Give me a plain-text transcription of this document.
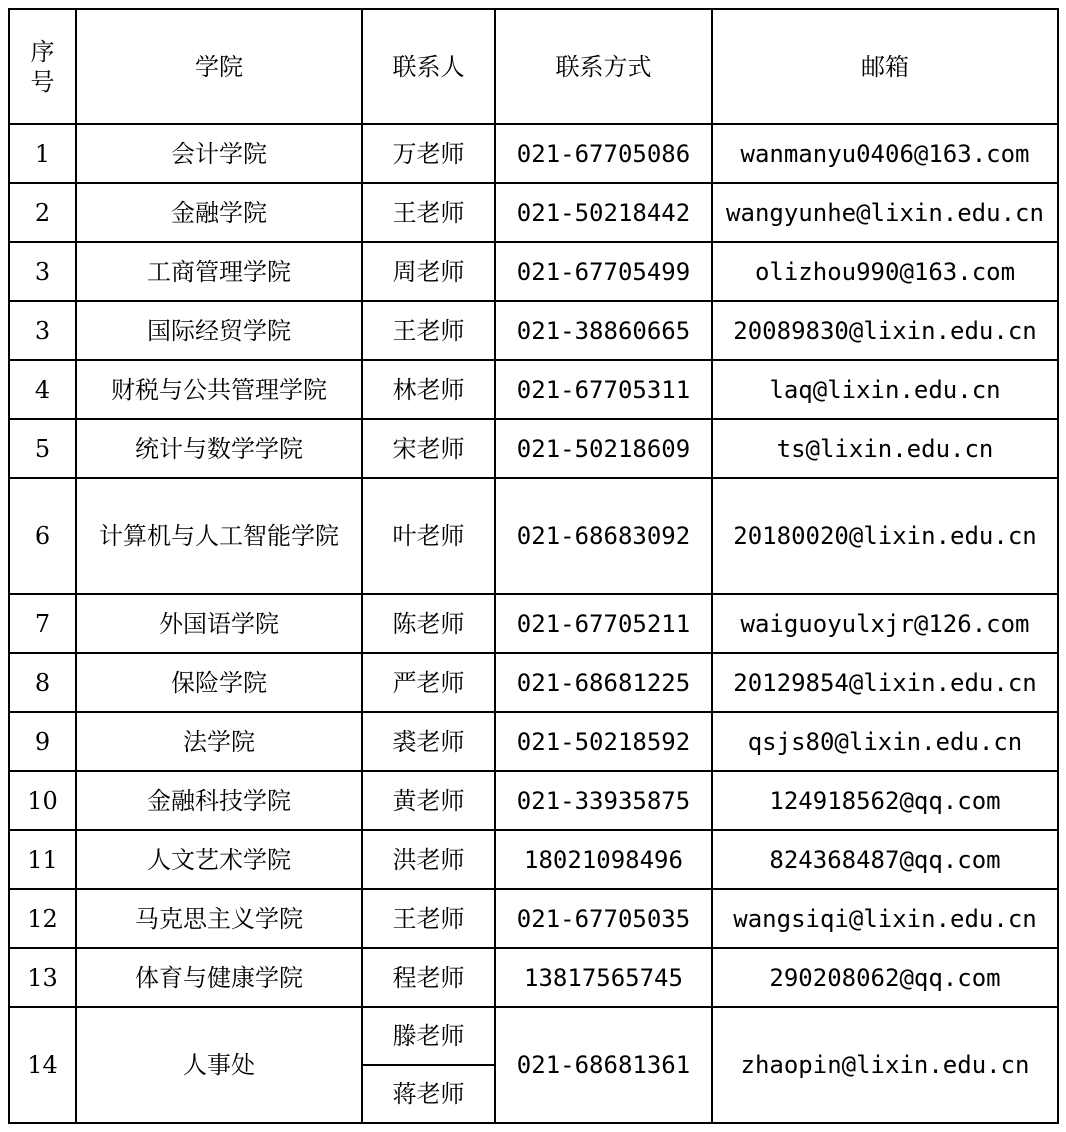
序
号	学院	联系人	联系方式	邮箱
1	会计学院	万老师	021-67705086	wanmanyu0406@163.com
2	金融学院	王老师	021-50218442	wangyunhe@lixin.edu.cn
3	工商管理学院	周老师	021-67705499	olizhou990@163.com
3	国际经贸学院	王老师	021-38860665	20089830@lixin.edu.cn
4	财税与公共管理学院	林老师	021-67705311	laq@lixin.edu.cn
5	统计与数学学院	宋老师	021-50218609	ts@lixin.edu.cn
6	计算机与人工智能学院	叶老师	021-68683092	20180020@lixin.edu.cn
7	外国语学院	陈老师	021-67705211	waiguoyulxjr@126.com
8	保险学院	严老师	021-68681225	20129854@lixin.edu.cn
9	法学院	裘老师	021-50218592	qsjs80@lixin.edu.cn
10	金融科技学院	黄老师	021-33935875	124918562@qq.com
11	人文艺术学院	洪老师	18021098496	824368487@qq.com
12	马克思主义学院	王老师	021-67705035	wangsiqi@lixin.edu.cn
13	体育与健康学院	程老师	13817565745	290208062@qq.com
14	人事处	滕老师	021-68681361	zhaopin@lixin.edu.cn
		蒋老师		
